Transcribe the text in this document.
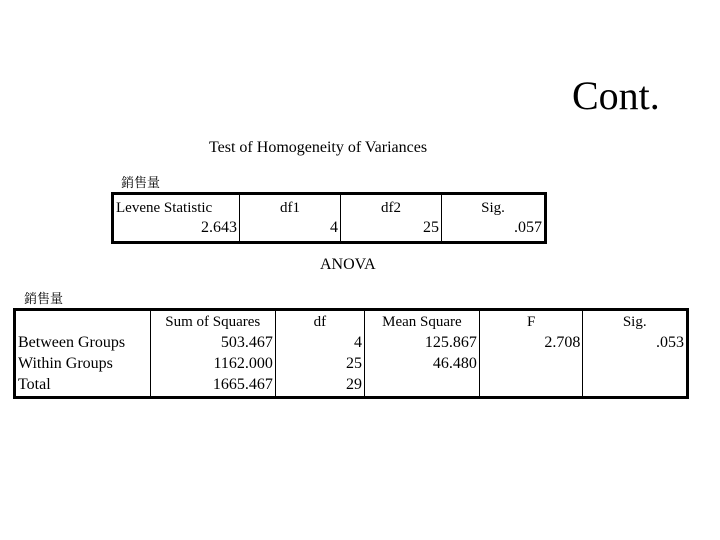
Cont.
Test of Homogeneity of Variances
銷售量
Levene Statistic	df1	df2	Sig.
2.643	4	25	.057
ANOVA
銷售量
	Sum of Squares	df	Mean Square	F	Sig.
Between Groups	503.467	4	125.867	2.708	.053
Within Groups	1162.000	25	46.480		
Total	1665.467	29			
